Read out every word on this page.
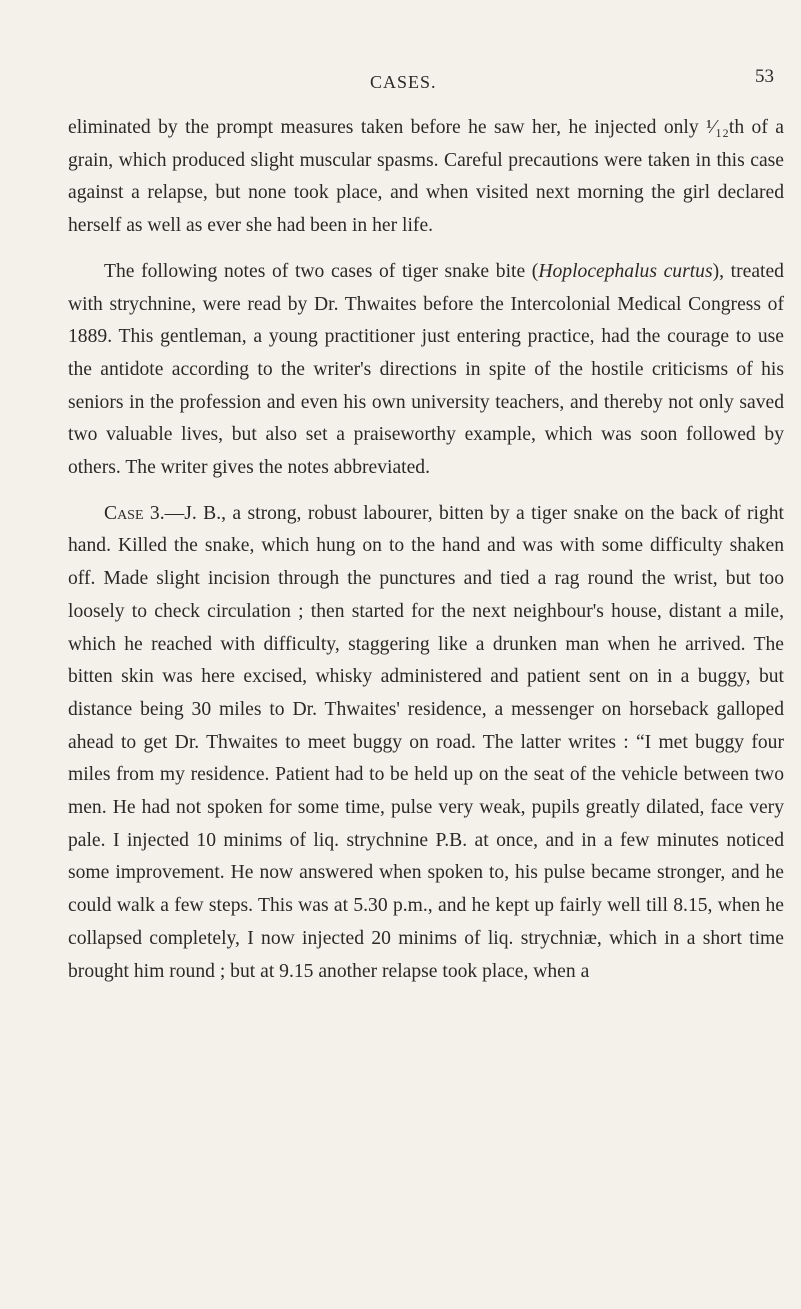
CASES.	53

eliminated by the prompt measures taken before he saw her, he injected only ¹⁄₁₂th of a grain, which produced slight muscular spasms. Careful precautions were taken in this case against a relapse, but none took place, and when visited next morning the girl declared herself as well as ever she had been in her life.

The following notes of two cases of tiger snake bite (Hoplocephalus curtus), treated with strychnine, were read by Dr. Thwaites before the Intercolonial Medical Congress of 1889. This gentleman, a young practitioner just entering practice, had the courage to use the antidote according to the writer's directions in spite of the hostile criticisms of his seniors in the profession and even his own university teachers, and thereby not only saved two valuable lives, but also set a praiseworthy example, which was soon followed by others. The writer gives the notes abbreviated.

Case 3.—J. B., a strong, robust labourer, bitten by a tiger snake on the back of right hand. Killed the snake, which hung on to the hand and was with some difficulty shaken off. Made slight incision through the punctures and tied a rag round the wrist, but too loosely to check circulation ; then started for the next neighbour's house, distant a mile, which he reached with difficulty, staggering like a drunken man when he arrived. The bitten skin was here excised, whisky administered and patient sent on in a buggy, but distance being 30 miles to Dr. Thwaites' residence, a messenger on horseback galloped ahead to get Dr. Thwaites to meet buggy on road. The latter writes : “I met buggy four miles from my residence. Patient had to be held up on the seat of the vehicle between two men. He had not spoken for some time, pulse very weak, pupils greatly dilated, face very pale. I injected 10 minims of liq. strychnine P.B. at once, and in a few minutes noticed some improvement. He now answered when spoken to, his pulse became stronger, and he could walk a few steps. This was at 5.30 p.m., and he kept up fairly well till 8.15, when he collapsed completely, I now injected 20 minims of liq. strychniæ, which in a short time brought him round ; but at 9.15 another relapse took place, when a
